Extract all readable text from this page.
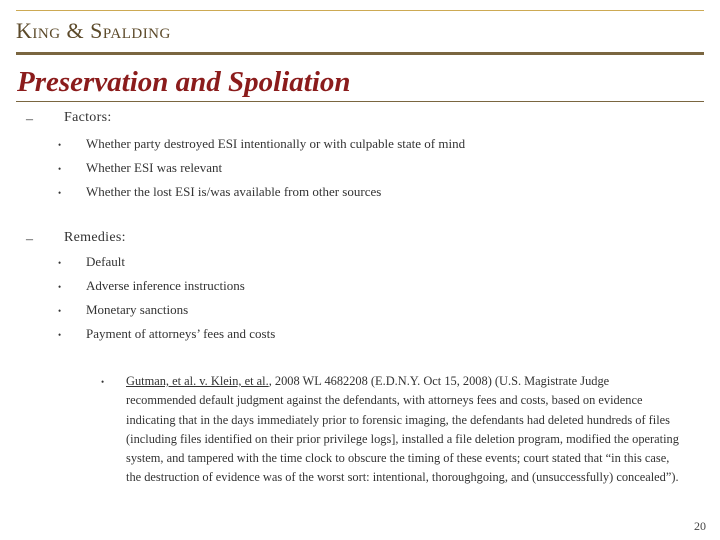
King & Spalding
Preservation and Spoliation
– Factors:
• Whether party destroyed ESI intentionally or with culpable state of mind
• Whether ESI was relevant
• Whether the lost ESI is/was available from other sources
– Remedies:
• Default
• Adverse inference instructions
• Monetary sanctions
• Payment of attorneys’ fees and costs
• Gutman, et al. v. Klein, et al., 2008 WL 4682208 (E.D.N.Y. Oct 15, 2008) (U.S. Magistrate Judge recommended default judgment against the defendants, with attorneys fees and costs, based on evidence indicating that in the days immediately prior to forensic imaging, the defendants had deleted hundreds of files (including files identified on their prior privilege logs], installed a file deletion program, modified the operating system, and tampered with the time clock to obscure the timing of these events; court stated that “in this case, the destruction of evidence was of the worst sort: intentional, thoroughgoing, and (unsuccessfully) concealed”).
20
